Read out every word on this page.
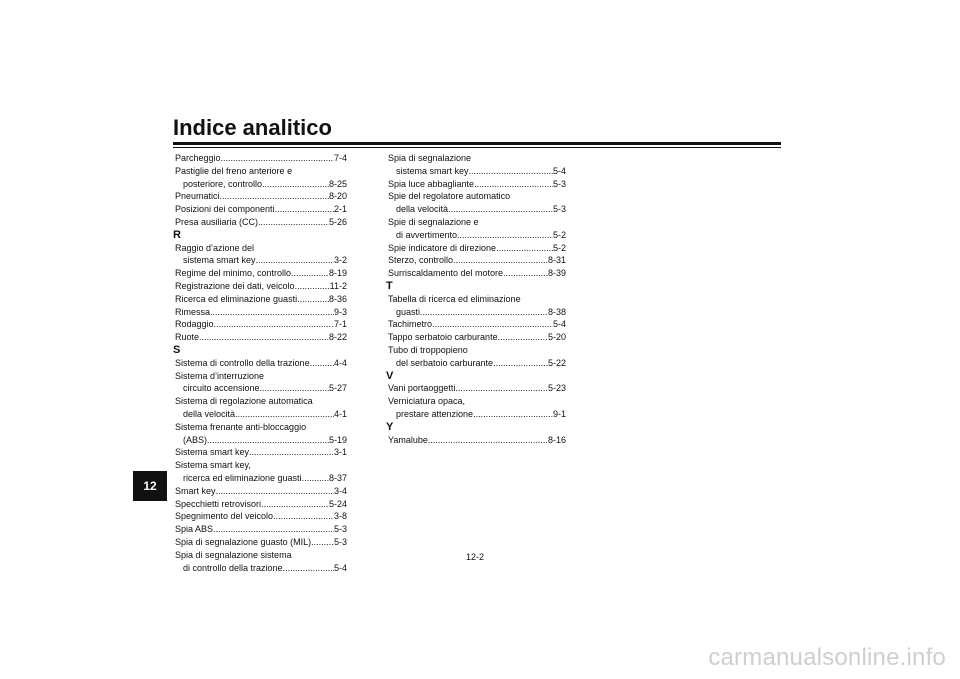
Indice analitico
12
Parcheggio .....	7-4
Pastiglie del freno anteriore e
posteriore, controllo .....	8-25
Pneumatici .....	8-20
Posizioni dei componenti .....	2-1
Presa ausiliaria (CC) .....	5-26
R
Raggio d’azione del
sistema smart key .....	3-2
Regime del minimo, controllo .....	8-19
Registrazione dei dati, veicolo .....	11-2
Ricerca ed eliminazione guasti .....	8-36
Rimessa .....	9-3
Rodaggio .....	7-1
Ruote .....	8-22
S
Sistema di controllo della trazione .....	4-4
Sistema d’interruzione
circuito accensione .....	5-27
Sistema di regolazione automatica
della velocità .....	4-1
Sistema frenante anti-bloccaggio
(ABS) .....	5-19
Sistema smart key .....	3-1
Sistema smart key,
ricerca ed eliminazione guasti .....	8-37
Smart key .....	3-4
Specchietti retrovisori .....	5-24
Spegnimento del veicolo .....	3-8
Spia ABS .....	5-3
Spia di segnalazione guasto (MIL) .....	5-3
Spia di segnalazione sistema
di controllo della trazione .....	5-4
Spia di segnalazione
sistema smart key .....	5-4
Spia luce abbagliante .....	5-3
Spie del regolatore automatico
della velocità .....	5-3
Spie di segnalazione e
di avvertimento .....	5-2
Spie indicatore di direzione .....	5-2
Sterzo, controllo .....	8-31
Surriscaldamento del motore .....	8-39
T
Tabella di ricerca ed eliminazione
guasti .....	8-38
Tachimetro .....	5-4
Tappo serbatoio carburante .....	5-20
Tubo di troppopieno
del serbatoio carburante .....	5-22
V
Vani portaoggetti .....	5-23
Verniciatura opaca,
prestare attenzione .....	9-1
Y
Yamalube .....	8-16
12-2
carmanualsonline.info
